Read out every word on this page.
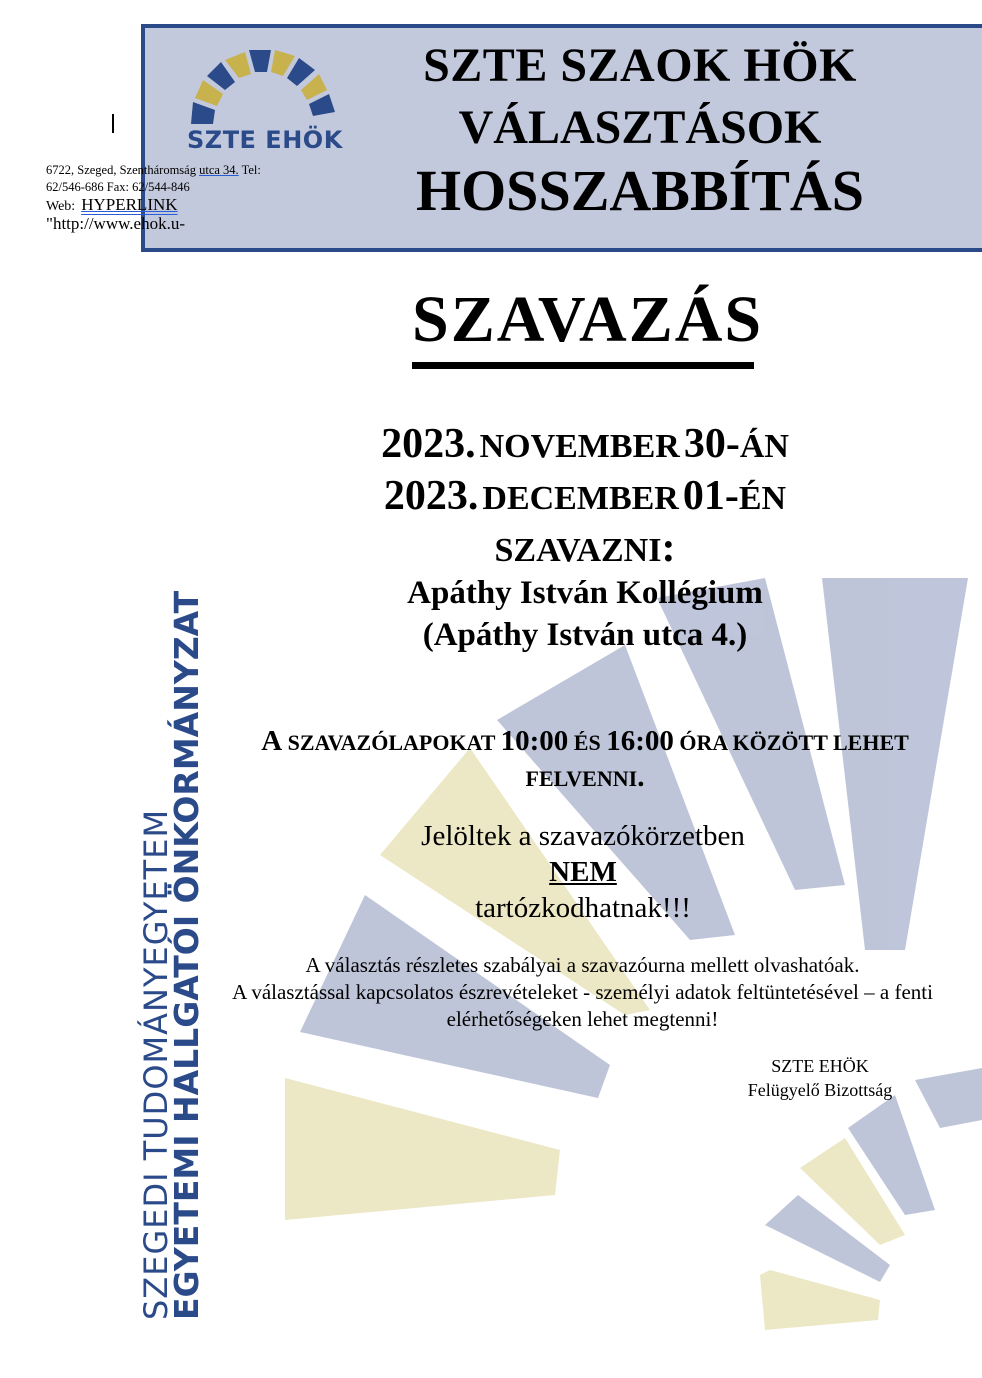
SZTE EHÖK
SZTE SZAOK HÖK
VÁLASZTÁSOK
HOSSZABBÍTÁS
6722, Szeged, Szentháromság utca 34. Tel:
62/546-686 Fax: 62/544-846
Web: HYPERLINK
"http://www.ehok.u-
SZEGEDI TUDOMÁNYEGYETEM
EGYETEMI HALLGATÓI ÖNKORMÁNYZAT
SZAVAZÁS
2023. NOVEMBER 30-ÁN
2023. DECEMBER 01-ÉN
SZAVAZNI:
Apáthy István Kollégium
(Apáthy István utca 4.)
A SZAVAZÓLAPOKAT 10:00 ÉS 16:00 ÓRA KÖZÖTT LEHET
FELVENNI.
Jelöltek a szavazókörzetben
NEM
tartózkodhatnak!!!
A választás részletes szabályai a szavazóurna mellett olvashatóak.
A választással kapcsolatos észrevételeket - személyi adatok feltüntetésével – a fenti elérhetőségeken lehet megtenni!
SZTE EHÖK
Felügyelő Bizottság
